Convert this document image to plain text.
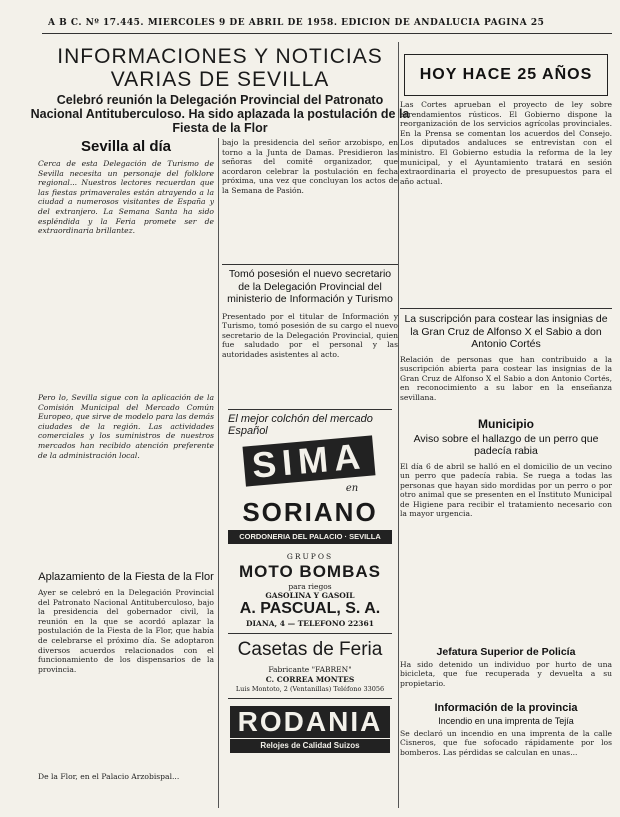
A B C. Nº 17.445. MIERCOLES 9 DE ABRIL DE 1958. EDICION DE ANDALUCIA PAGINA 25
INFORMACIONES Y NOTICIAS
VARIAS DE SEVILLA
Celebró reunión la Delegación Provincial del Patronato Nacional Antituberculoso. Ha sido aplazada la postulación de la Fiesta de la Flor
Sevilla al día
Cerca de esta Delegación de Turismo de Sevilla necesita un personaje del folklore regional... Nuestros lectores recuerdan que las fiestas primaverales están atrayendo a la ciudad a numerosos visitantes de España y del extranjero. La Semana Santa ha sido espléndida y la Feria promete ser de extraordinaria brillantez.
Pero lo, Sevilla sigue con la aplicación de la Comisión Municipal del Mercado Común Europeo, que sirve de modelo para las demás ciudades de la región. Las actividades comerciales y los suministros de nuestros mercados han recibido atención preferente de la administración local.
Aplazamiento de la Fiesta de la Flor
Ayer se celebró en la Delegación Provincial del Patronato Nacional Antituberculoso, bajo la presidencia del gobernador civil, la reunión en la que se acordó aplazar la postulación de la Fiesta de la Flor, que había de celebrarse el próximo día. Se adoptaron diversos acuerdos relacionados con el funcionamiento de los dispensarios de la provincia.
De la Flor, en el Palacio Arzobispal...
bajo la presidencia del señor arzobispo, en torno a la Junta de Damas. Presidieron las señoras del comité organizador, que acordaron celebrar la postulación en fecha próxima, una vez que concluyan los actos de la Semana de Pasión.
Tomó posesión el nuevo secretario de la Delegación Provincial del ministerio de Información y Turismo
Presentado por el titular de Información y Turismo, tomó posesión de su cargo el nuevo secretario de la Delegación Provincial, quien fue saludado por el personal y las autoridades asistentes al acto.
El mejor colchón del mercado Español
SIMA
en
SORIANO
CORDONERIA DEL PALACIO · SEVILLA
GRUPOS
MOTO BOMBAS
para riegos
GASOLINA Y GASOIL
A. PASCUAL, S. A.
DIANA, 4 — TELEFONO 22361
Casetas de Feria
Fabricante "FABREN"
C. CORREA MONTES
Luis Montoto, 2 (Ventanillas) Teléfono 33056
RODANIA
Relojes de Calidad Suizos
HOY HACE 25 AÑOS
Las Cortes aprueban el proyecto de ley sobre arrendamientos rústicos. El Gobierno dispone la reorganización de los servicios agrícolas provinciales. En la Prensa se comentan los acuerdos del Consejo. Los diputados andaluces se entrevistan con el ministro. El Gobierno estudia la reforma de la ley municipal, y el Ayuntamiento tratará en sesión extraordinaria el proyecto de presupuestos para el año actual.
La suscripción para costear las insignias de la Gran Cruz de Alfonso X el Sabio a don Antonio Cortés
Relación de personas que han contribuido a la suscripción abierta para costear las insignias de la Gran Cruz de Alfonso X el Sabio a don Antonio Cortés, en reconocimiento a su labor en la enseñanza sevillana.
Municipio
Aviso sobre el hallazgo de un perro que padecía rabia
El día 6 de abril se halló en el domicilio de un vecino un perro que padecía rabia. Se ruega a todas las personas que hayan sido mordidas por un perro o por otro animal que se presenten en el Instituto Municipal de Higiene para recibir el tratamiento necesario con la mayor urgencia.
Jefatura Superior de Policía
Ha sido detenido un individuo por hurto de una bicicleta, que fue recuperada y devuelta a su propietario.
Información de la provincia
Incendio en una imprenta de Tejía
Se declaró un incendio en una imprenta de la calle Cisneros, que fue sofocado rápidamente por los bomberos. Las pérdidas se calculan en unas...
